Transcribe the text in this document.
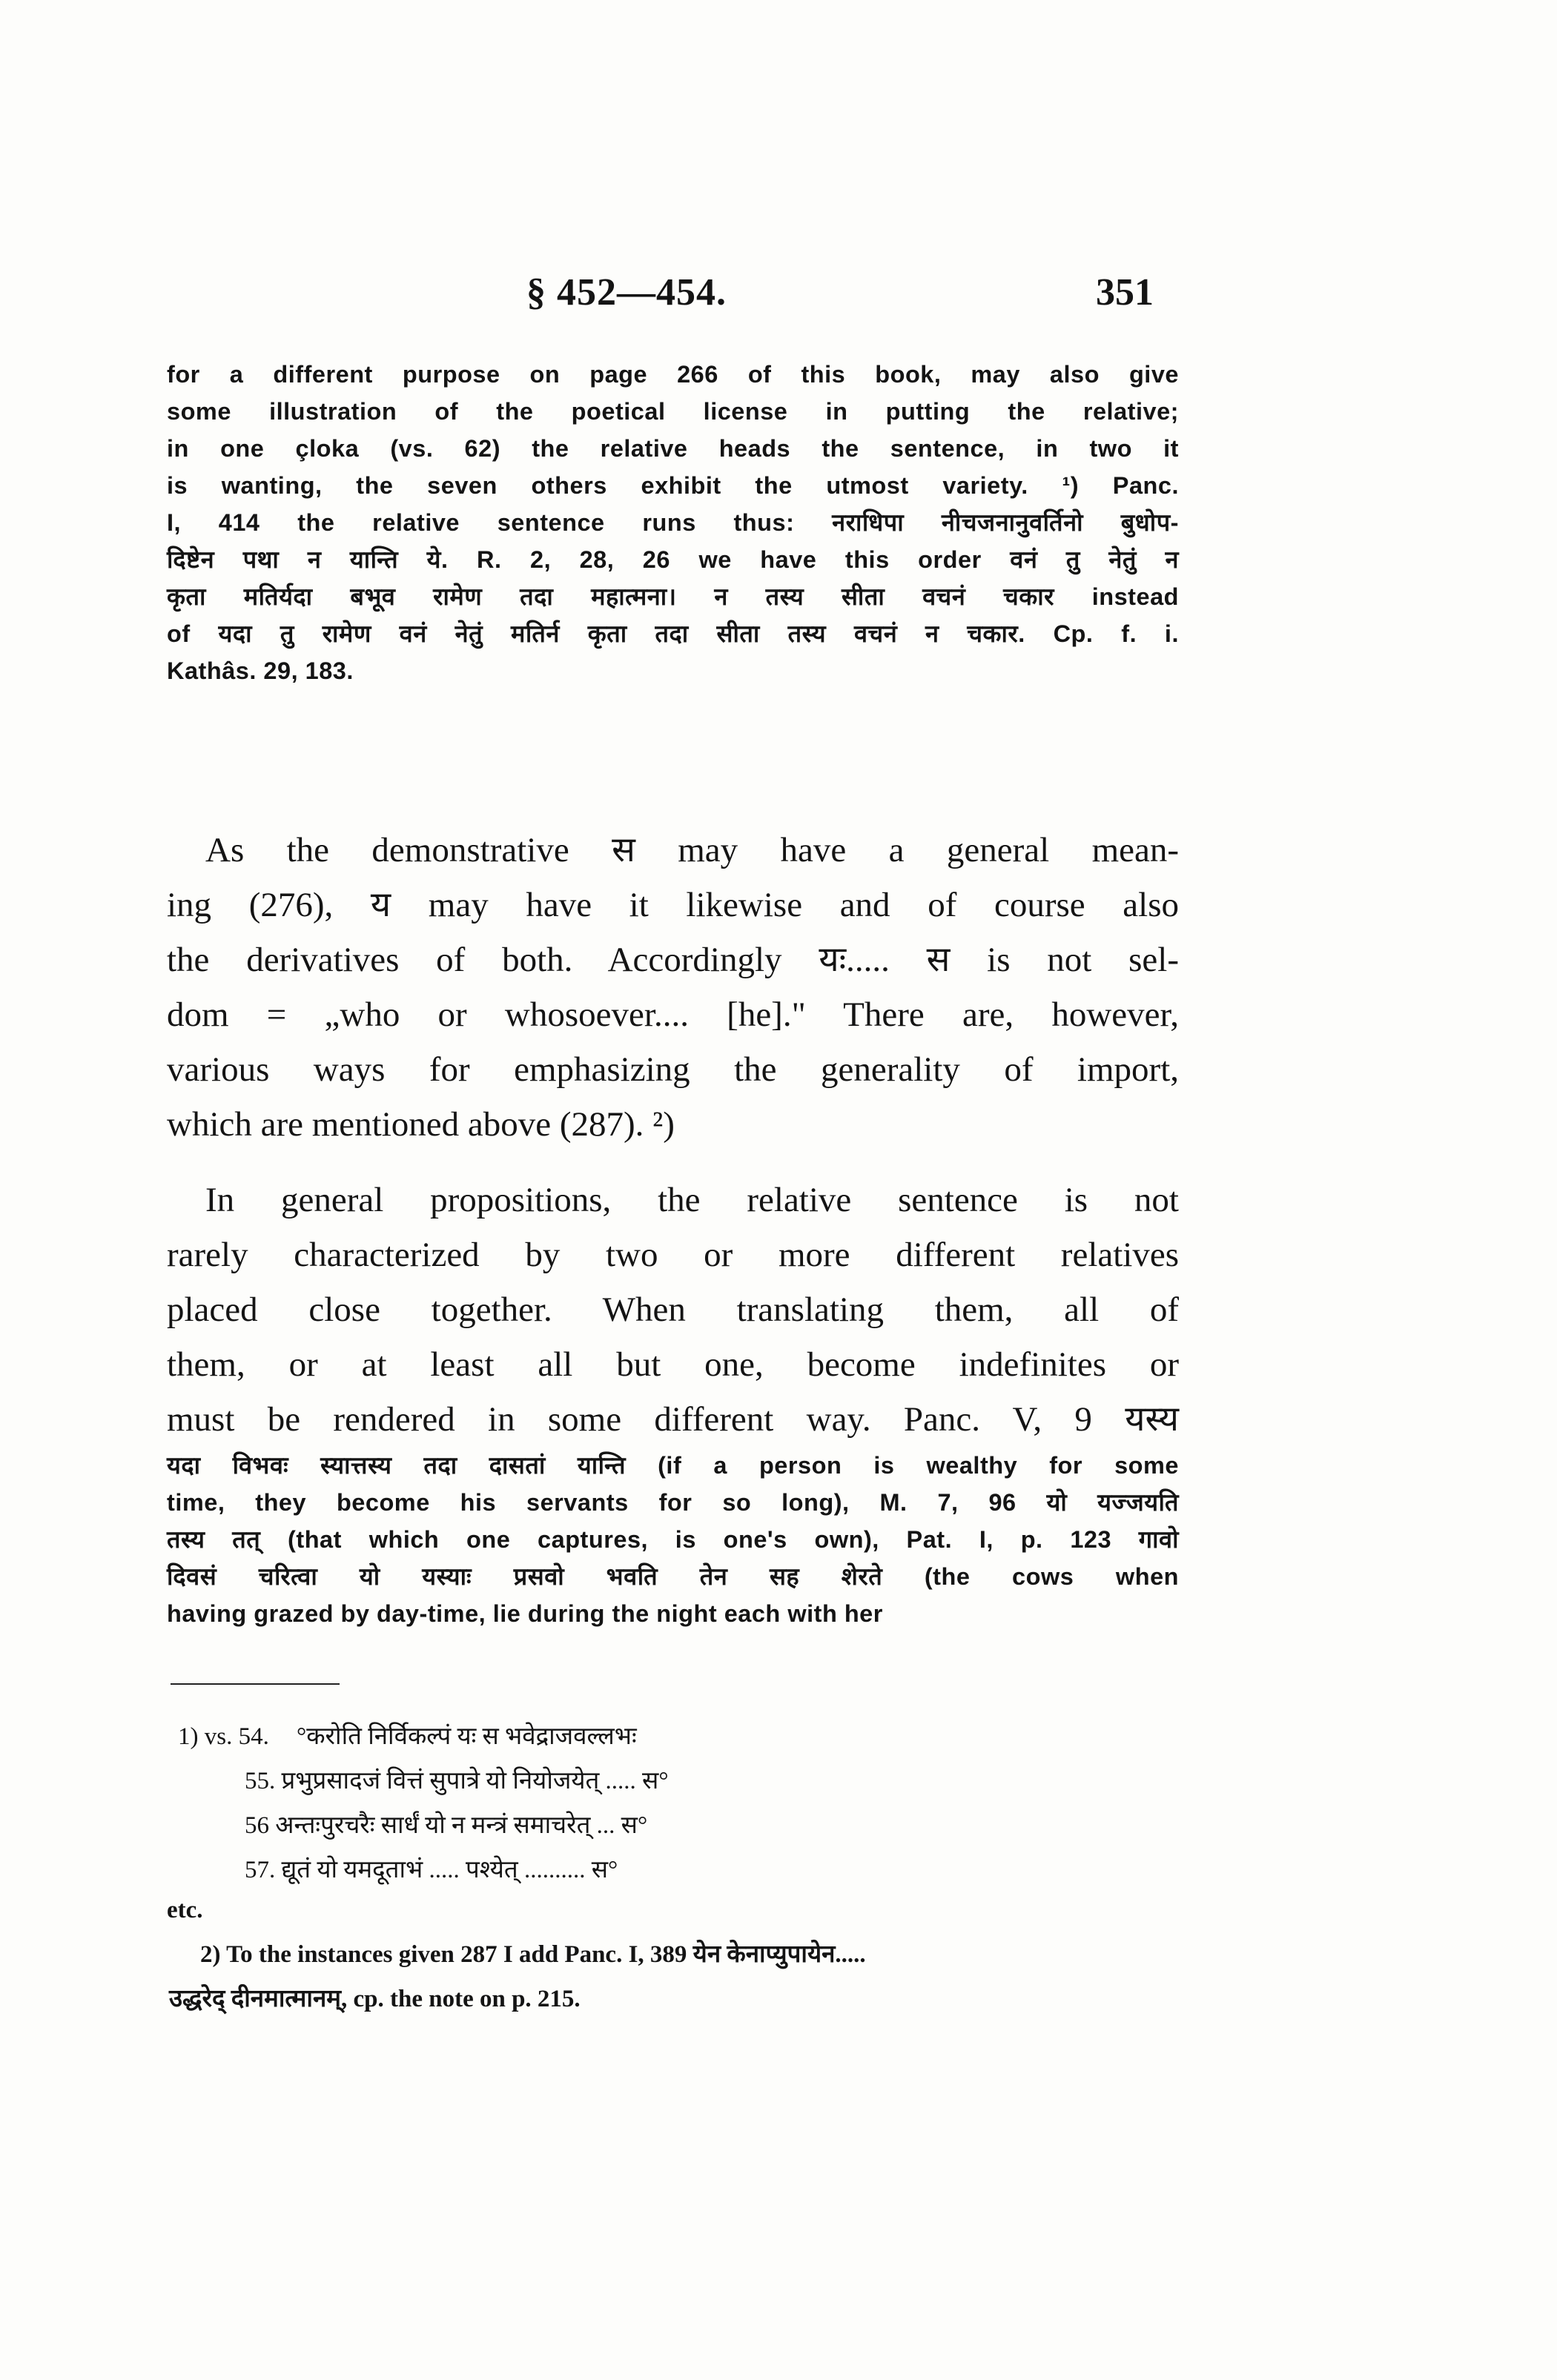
§ 452—454.	351
for a different purpose on page 266 of this book, may also give
some illustration of the poetical license in putting the relative;
in one çloka (vs. 62) the relative heads the sentence, in two it
is wanting, the seven others exhibit the utmost variety. ¹) Panc.
I, 414 the relative sentence runs thus: नराधिपा नीचजनानुवर्तिनो बुधोप-
दिष्टेन पथा न यान्ति ये. R. 2, 28, 26 we have this order वनं तु नेतुं न
कृता मतिर्यदा बभूव रामेण तदा महात्मना। न तस्य सीता वचनं चकार instead
of यदा तु रामेण वनं नेतुं मतिर्न कृता तदा सीता तस्य वचनं न चकार. Cp. f. i.
Kathâs. 29, 183.
As the demonstrative स may have a general mean-
ing (276), य may have it likewise and of course also
the derivatives of both. Accordingly यः..... स is not sel-
dom = „who or whosoever.... [he]." There are, however,
various ways for emphasizing the generality of import,
which are mentioned above (287). ²)
In general propositions, the relative sentence is not
rarely characterized by two or more different relatives
placed close together. When translating them, all of
them, or at least all but one, become indefinites or
must be rendered in some different way. Panc. V, 9 यस्य
यदा विभवः स्यात्तस्य तदा दासतां यान्ति (if a person is wealthy for some
time, they become his servants for so long), M. 7, 96 यो यज्जयति
तस्य तत् (that which one captures, is one's own), Pat. I, p. 123 गावो
दिवसं चरित्वा यो यस्याः प्रसवो भवति तेन सह शेरते (the cows when
having grazed by day-time, lie during the night each with her
1) vs. 54. °करोति निर्विकल्पं यः स भवेद्राजवल्लभः
55. प्रभुप्रसादजं वित्तं सुपात्रे यो नियोजयेत् ..... स°
56 अन्तःपुरचरैः सार्धं यो न मन्त्रं समाचरेत् ... स°
57. द्यूतं यो यमदूताभं ..... पश्येत् .......... स°
etc.
2) To the instances given 287 I add Panc. I, 389 येन केनाप्युपायेन.....
उद्धरेद् दीनमात्मानम्, cp. the note on p. 215.
